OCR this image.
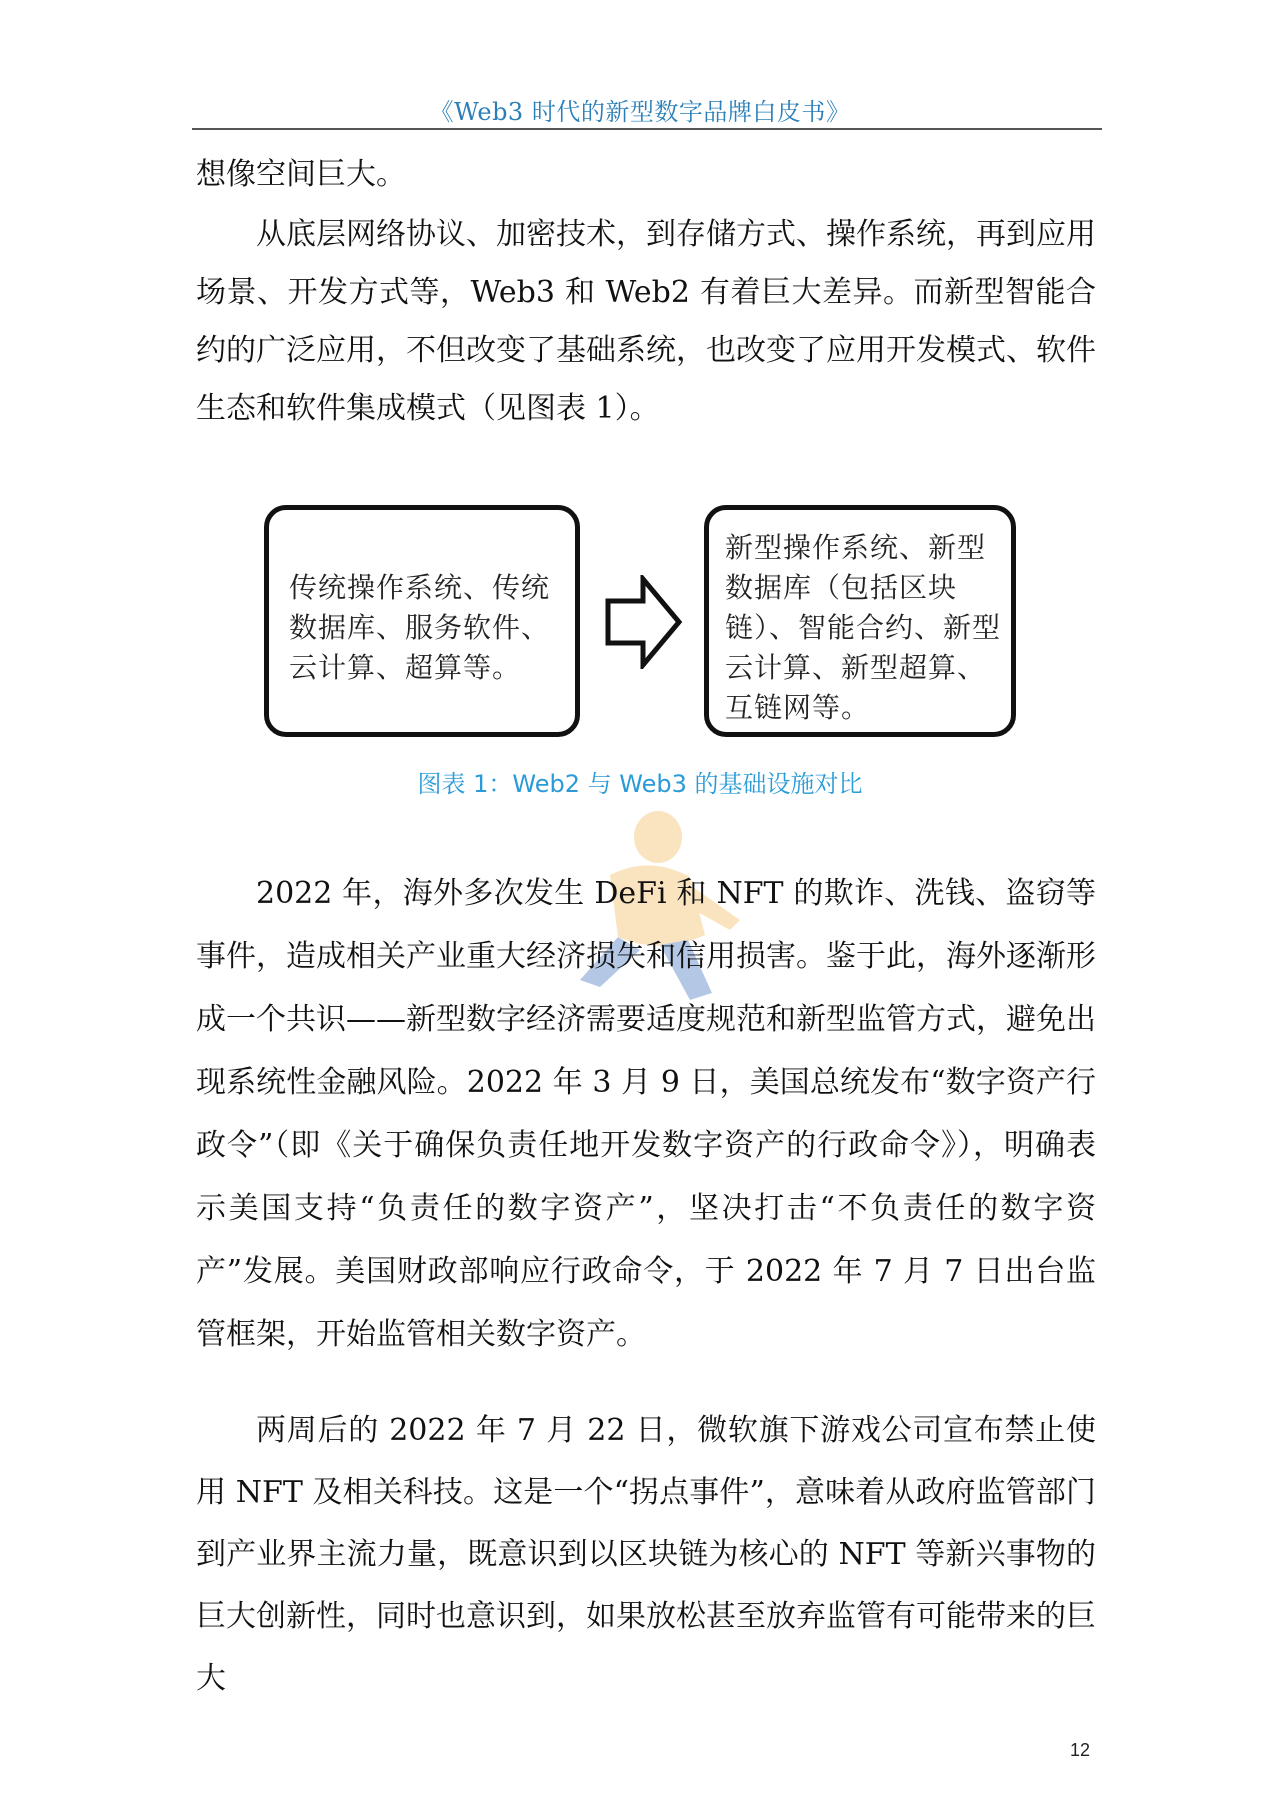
《Web3 时代的新型数字品牌白皮书》

想像空间巨大。

从底层网络协议、加密技术，到存储方式、操作系统，再到应用场景、开发方式等，Web3 和 Web2 有着巨大差异。而新型智能合约的广泛应用，不但改变了基础系统，也改变了应用开发模式、软件生态和软件集成模式（见图表 1）。

传统操作系统、传统数据库、服务软件、云计算、超算等。
新型操作系统、新型数据库（包括区块链）、智能合约、新型云计算、新型超算、互链网等。
图表 1：Web2 与 Web3 的基础设施对比

2022 年，海外多次发生 DeFi 和 NFT 的欺诈、洗钱、盗窃等事件，造成相关产业重大经济损失和信用损害。鉴于此，海外逐渐形成一个共识——新型数字经济需要适度规范和新型监管方式，避免出现系统性金融风险。2022 年 3 月 9 日，美国总统发布“数字资产行政令”（即《关于确保负责任地开发数字资产的行政命令》），明确表示美国支持“负责任的数字资产”，坚决打击“不负责任的数字资产”发展。美国财政部响应行政命令，于 2022 年 7 月 7 日出台监管框架，开始监管相关数字资产。

两周后的 2022 年 7 月 22 日，微软旗下游戏公司宣布禁止使用 NFT 及相关科技。这是一个“拐点事件”，意味着从政府监管部门到产业界主流力量，既意识到以区块链为核心的 NFT 等新兴事物的巨大创新性，同时也意识到，如果放松甚至放弃监管有可能带来的巨大

12
